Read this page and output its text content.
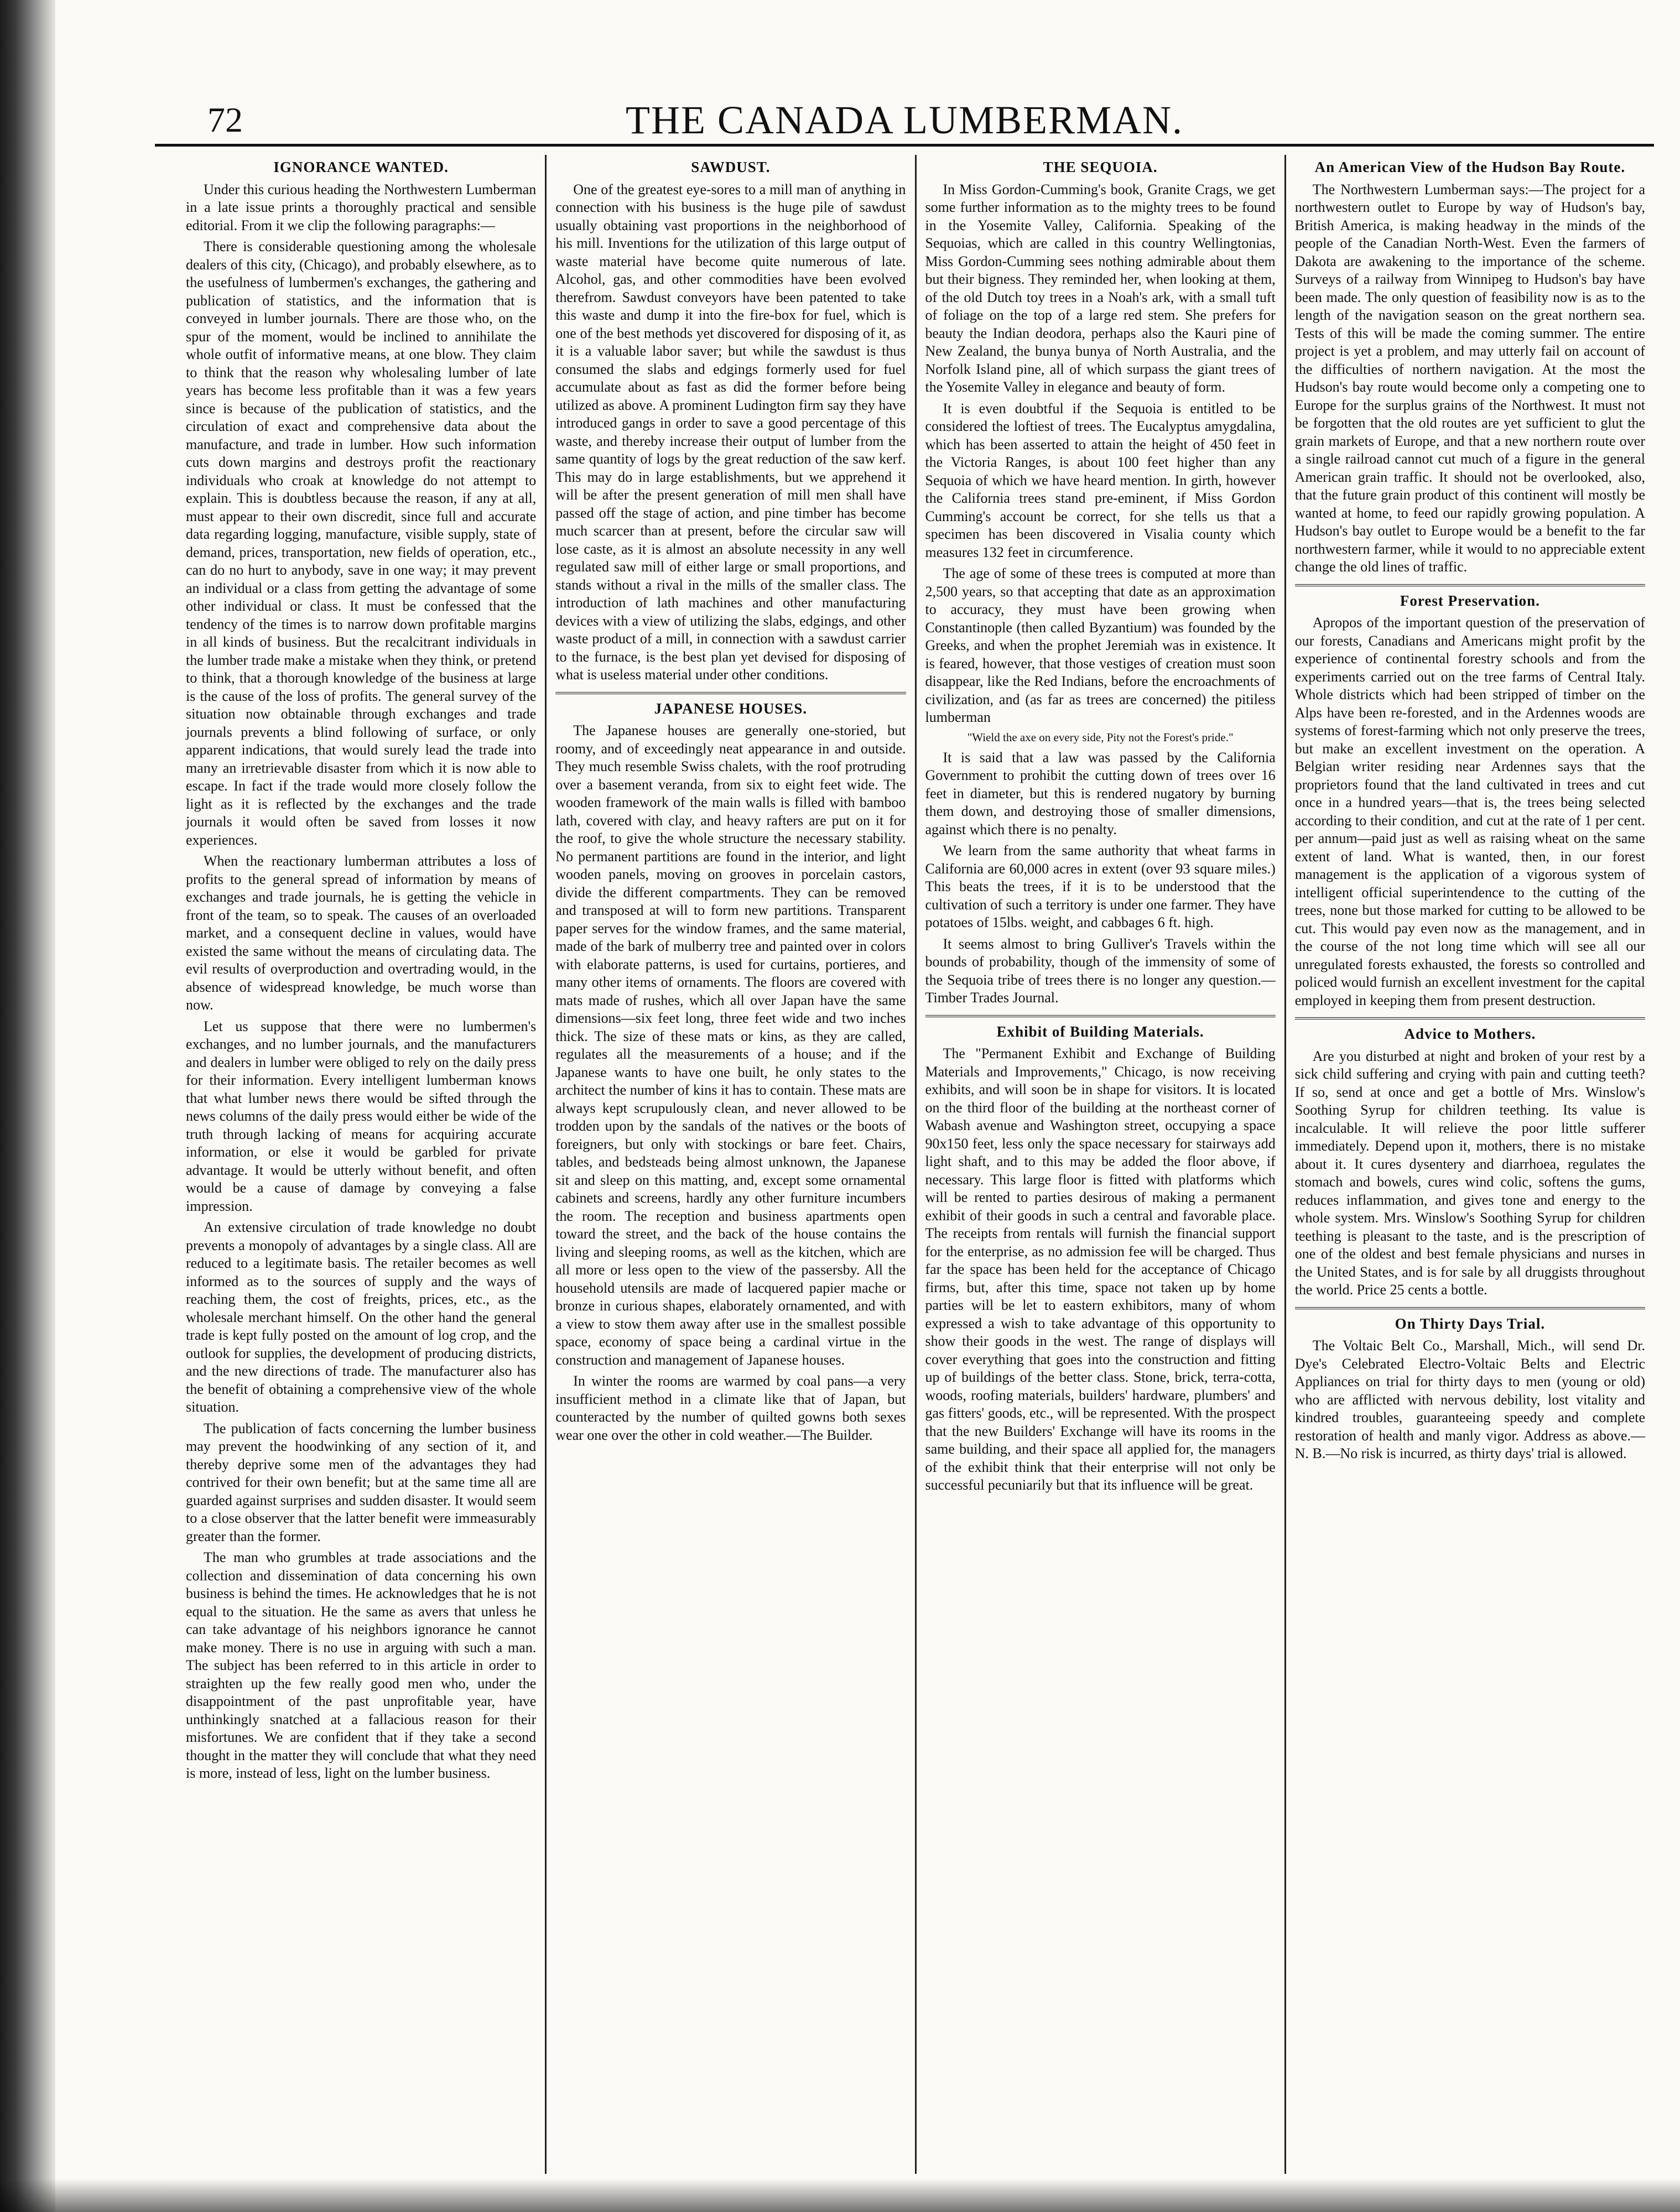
72	THE CANADA LUMBERMAN.
IGNORANCE WANTED.

Under this curious heading the Northwestern Lumberman in a late issue prints a thoroughly practical and sensible editorial. From it we clip the following paragraphs:—

There is considerable questioning among the wholesale dealers of this city, (Chicago), and probably elsewhere, as to the usefulness of lumbermen's exchanges, the gathering and publication of statistics, and the information that is conveyed in lumber journals. There are those who, on the spur of the moment, would be inclined to annihilate the whole outfit of informative means, at one blow. They claim to think that the reason why wholesaling lumber of late years has become less profitable than it was a few years since is because of the publication of statistics, and the circulation of exact and comprehensive data about the manufacture, and trade in lumber. How such information cuts down margins and destroys profit the reactionary individuals who croak at knowledge do not attempt to explain. This is doubtless because the reason, if any at all, must appear to their own discredit, since full and accurate data regarding logging, manufacture, visible supply, state of demand, prices, transportation, new fields of operation, etc., can do no hurt to anybody, save in one way; it may prevent an individual or a class from getting the advantage of some other individual or class. It must be confessed that the tendency of the times is to narrow down profitable margins in all kinds of business. But the recalcitrant individuals in the lumber trade make a mistake when they think, or pretend to think, that a thorough knowledge of the business at large is the cause of the loss of profits. The general survey of the situation now obtainable through exchanges and trade journals prevents a blind following of surface, or only apparent indications, that would surely lead the trade into many an irretrievable disaster from which it is now able to escape. In fact if the trade would more closely follow the light as it is reflected by the exchanges and the trade journals it would often be saved from losses it now experiences.

When the reactionary lumberman attributes a loss of profits to the general spread of information by means of exchanges and trade journals, he is getting the vehicle in front of the team, so to speak. The causes of an overloaded market, and a consequent decline in values, would have existed the same without the means of circulating data. The evil results of overproduction and overtrading would, in the absence of widespread knowledge, be much worse than now.

Let us suppose that there were no lumbermen's exchanges, and no lumber journals, and the manufacturers and dealers in lumber were obliged to rely on the daily press for their information. Every intelligent lumberman knows that what lumber news there would be sifted through the news columns of the daily press would either be wide of the truth through lacking of means for acquiring accurate information, or else it would be garbled for private advantage. It would be utterly without benefit, and often would be a cause of damage by conveying a false impression.

An extensive circulation of trade knowledge no doubt prevents a monopoly of advantages by a single class. All are reduced to a legitimate basis. The retailer becomes as well informed as to the sources of supply and the ways of reaching them, the cost of freights, prices, etc., as the wholesale merchant himself. On the other hand the general trade is kept fully posted on the amount of log crop, and the outlook for supplies, the development of producing districts, and the new directions of trade. The manufacturer also has the benefit of obtaining a comprehensive view of the whole situation.

The publication of facts concerning the lumber business may prevent the hoodwinking of any section of it, and thereby deprive some men of the advantages they had contrived for their own benefit; but at the same time all are guarded against surprises and sudden disaster. It would seem to a close observer that the latter benefit were immeasurably greater than the former.

The man who grumbles at trade associations and the collection and dissemination of data concerning his own business is behind the times. He acknowledges that he is not equal to the situation. He the same as avers that unless he can take advantage of his neighbors ignorance he cannot make money. There is no use in arguing with such a man. The subject has been referred to in this article in order to straighten up the few really good men who, under the disappointment of the past unprofitable year, have unthinkingly snatched at a fallacious reason for their misfortunes. We are confident that if they take a second thought in the matter they will conclude that what they need is more, instead of less, light on the lumber business.

SAWDUST.

One of the greatest eye-sores to a mill man of anything in connection with his business is the huge pile of sawdust usually obtaining vast proportions in the neighborhood of his mill. Inventions for the utilization of this large output of waste material have become quite numerous of late. Alcohol, gas, and other commodities have been evolved therefrom. Sawdust conveyors have been patented to take this waste and dump it into the fire-box for fuel, which is one of the best methods yet discovered for disposing of it, as it is a valuable labor saver; but while the sawdust is thus consumed the slabs and edgings formerly used for fuel accumulate about as fast as did the former before being utilized as above. A prominent Ludington firm say they have introduced gangs in order to save a good percentage of this waste, and thereby increase their output of lumber from the same quantity of logs by the great reduction of the saw kerf. This may do in large establishments, but we apprehend it will be after the present generation of mill men shall have passed off the stage of action, and pine timber has become much scarcer than at present, before the circular saw will lose caste, as it is almost an absolute necessity in any well regulated saw mill of either large or small proportions, and stands without a rival in the mills of the smaller class. The introduction of lath machines and other manufacturing devices with a view of utilizing the slabs, edgings, and other waste product of a mill, in connection with a sawdust carrier to the furnace, is the best plan yet devised for disposing of what is useless material under other conditions.

JAPANESE HOUSES.

The Japanese houses are generally one-storied, but roomy, and of exceedingly neat appearance in and outside. They much resemble Swiss chalets, with the roof protruding over a basement veranda, from six to eight feet wide. The wooden framework of the main walls is filled with bamboo lath, covered with clay, and heavy rafters are put on it for the roof, to give the whole structure the necessary stability. No permanent partitions are found in the interior, and light wooden panels, moving on grooves in porcelain castors, divide the different compartments. They can be removed and transposed at will to form new partitions. Transparent paper serves for the window frames, and the same material, made of the bark of mulberry tree and painted over in colors with elaborate patterns, is used for curtains, portieres, and many other items of ornaments. The floors are covered with mats made of rushes, which all over Japan have the same dimensions—six feet long, three feet wide and two inches thick. The size of these mats or kins, as they are called, regulates all the measurements of a house; and if the Japanese wants to have one built, he only states to the architect the number of kins it has to contain. These mats are always kept scrupulously clean, and never allowed to be trodden upon by the sandals of the natives or the boots of foreigners, but only with stockings or bare feet. Chairs, tables, and bedsteads being almost unknown, the Japanese sit and sleep on this matting, and, except some ornamental cabinets and screens, hardly any other furniture incumbers the room. The reception and business apartments open toward the street, and the back of the house contains the living and sleeping rooms, as well as the kitchen, which are all more or less open to the view of the passersby. All the household utensils are made of lacquered papier mache or bronze in curious shapes, elaborately ornamented, and with a view to stow them away after use in the smallest possible space, economy of space being a cardinal virtue in the construction and management of Japanese houses.

In winter the rooms are warmed by coal pans—a very insufficient method in a climate like that of Japan, but counteracted by the number of quilted gowns both sexes wear one over the other in cold weather.—The Builder.

THE SEQUOIA.

In Miss Gordon-Cumming's book, Granite Crags, we get some further information as to the mighty trees to be found in the Yosemite Valley, California. Speaking of the Sequoias, which are called in this country Wellingtonias, Miss Gordon-Cumming sees nothing admirable about them but their bigness. They reminded her, when looking at them, of the old Dutch toy trees in a Noah's ark, with a small tuft of foliage on the top of a large red stem. She prefers for beauty the Indian deodora, perhaps also the Kauri pine of New Zealand, the bunya bunya of North Australia, and the Norfolk Island pine, all of which surpass the giant trees of the Yosemite Valley in elegance and beauty of form.

It is even doubtful if the Sequoia is entitled to be considered the loftiest of trees. The Eucalyptus amygdalina, which has been asserted to attain the height of 450 feet in the Victoria Ranges, is about 100 feet higher than any Sequoia of which we have heard mention. In girth, however the California trees stand pre-eminent, if Miss Gordon Cumming's account be correct, for she tells us that a specimen has been discovered in Visalia county which measures 132 feet in circumference.

The age of some of these trees is computed at more than 2,500 years, so that accepting that date as an approximation to accuracy, they must have been growing when Constantinople (then called Byzantium) was founded by the Greeks, and when the prophet Jeremiah was in existence. It is feared, however, that those vestiges of creation must soon disappear, like the Red Indians, before the encroachments of civilization, and (as far as trees are concerned) the pitiless lumberman

"Wield the axe on every side, Pity not the Forest's pride."

It is said that a law was passed by the California Government to prohibit the cutting down of trees over 16 feet in diameter, but this is rendered nugatory by burning them down, and destroying those of smaller dimensions, against which there is no penalty.

We learn from the same authority that wheat farms in California are 60,000 acres in extent (over 93 square miles.) This beats the trees, if it is to be understood that the cultivation of such a territory is under one farmer. They have potatoes of 15lbs. weight, and cabbages 6 ft. high.

It seems almost to bring Gulliver's Travels within the bounds of probability, though of the immensity of some of the Sequoia tribe of trees there is no longer any question.—Timber Trades Journal.

Exhibit of Building Materials.

The "Permanent Exhibit and Exchange of Building Materials and Improvements," Chicago, is now receiving exhibits, and will soon be in shape for visitors. It is located on the third floor of the building at the northeast corner of Wabash avenue and Washington street, occupying a space 90x150 feet, less only the space necessary for stairways add light shaft, and to this may be added the floor above, if necessary. This large floor is fitted with platforms which will be rented to parties desirous of making a permanent exhibit of their goods in such a central and favorable place. The receipts from rentals will furnish the financial support for the enterprise, as no admission fee will be charged. Thus far the space has been held for the acceptance of Chicago firms, but, after this time, space not taken up by home parties will be let to eastern exhibitors, many of whom expressed a wish to take advantage of this opportunity to show their goods in the west. The range of displays will cover everything that goes into the construction and fitting up of buildings of the better class. Stone, brick, terra-cotta, woods, roofing materials, builders' hardware, plumbers' and gas fitters' goods, etc., will be represented. With the prospect that the new Builders' Exchange will have its rooms in the same building, and their space all applied for, the managers of the exhibit think that their enterprise will not only be successful pecuniarily but that its influence will be great.

An American View of the Hudson Bay Route.

The Northwestern Lumberman says:—The project for a northwestern outlet to Europe by way of Hudson's bay, British America, is making headway in the minds of the people of the Canadian North-West. Even the farmers of Dakota are awakening to the importance of the scheme. Surveys of a railway from Winnipeg to Hudson's bay have been made. The only question of feasibility now is as to the length of the navigation season on the great northern sea. Tests of this will be made the coming summer. The entire project is yet a problem, and may utterly fail on account of the difficulties of northern navigation. At the most the Hudson's bay route would become only a competing one to Europe for the surplus grains of the Northwest. It must not be forgotten that the old routes are yet sufficient to glut the grain markets of Europe, and that a new northern route over a single railroad cannot cut much of a figure in the general American grain traffic. It should not be overlooked, also, that the future grain product of this continent will mostly be wanted at home, to feed our rapidly growing population. A Hudson's bay outlet to Europe would be a benefit to the far northwestern farmer, while it would to no appreciable extent change the old lines of traffic.

Forest Preservation.

Apropos of the important question of the preservation of our forests, Canadians and Americans might profit by the experience of continental forestry schools and from the experiments carried out on the tree farms of Central Italy. Whole districts which had been stripped of timber on the Alps have been re-forested, and in the Ardennes woods are systems of forest-farming which not only preserve the trees, but make an excellent investment on the operation. A Belgian writer residing near Ardennes says that the proprietors found that the land cultivated in trees and cut once in a hundred years—that is, the trees being selected according to their condition, and cut at the rate of 1 per cent. per annum—paid just as well as raising wheat on the same extent of land. What is wanted, then, in our forest management is the application of a vigorous system of intelligent official superintendence to the cutting of the trees, none but those marked for cutting to be allowed to be cut. This would pay even now as the management, and in the course of the not long time which will see all our unregulated forests exhausted, the forests so controlled and policed would furnish an excellent investment for the capital employed in keeping them from present destruction.

Advice to Mothers.

Are you disturbed at night and broken of your rest by a sick child suffering and crying with pain and cutting teeth? If so, send at once and get a bottle of Mrs. Winslow's Soothing Syrup for children teething. Its value is incalculable. It will relieve the poor little sufferer immediately. Depend upon it, mothers, there is no mistake about it. It cures dysentery and diarrhoea, regulates the stomach and bowels, cures wind colic, softens the gums, reduces inflammation, and gives tone and energy to the whole system. Mrs. Winslow's Soothing Syrup for children teething is pleasant to the taste, and is the prescription of one of the oldest and best female physicians and nurses in the United States, and is for sale by all druggists throughout the world. Price 25 cents a bottle.

On Thirty Days Trial.

The Voltaic Belt Co., Marshall, Mich., will send Dr. Dye's Celebrated Electro-Voltaic Belts and Electric Appliances on trial for thirty days to men (young or old) who are afflicted with nervous debility, lost vitality and kindred troubles, guaranteeing speedy and complete restoration of health and manly vigor. Address as above.—N. B.—No risk is incurred, as thirty days' trial is allowed.
